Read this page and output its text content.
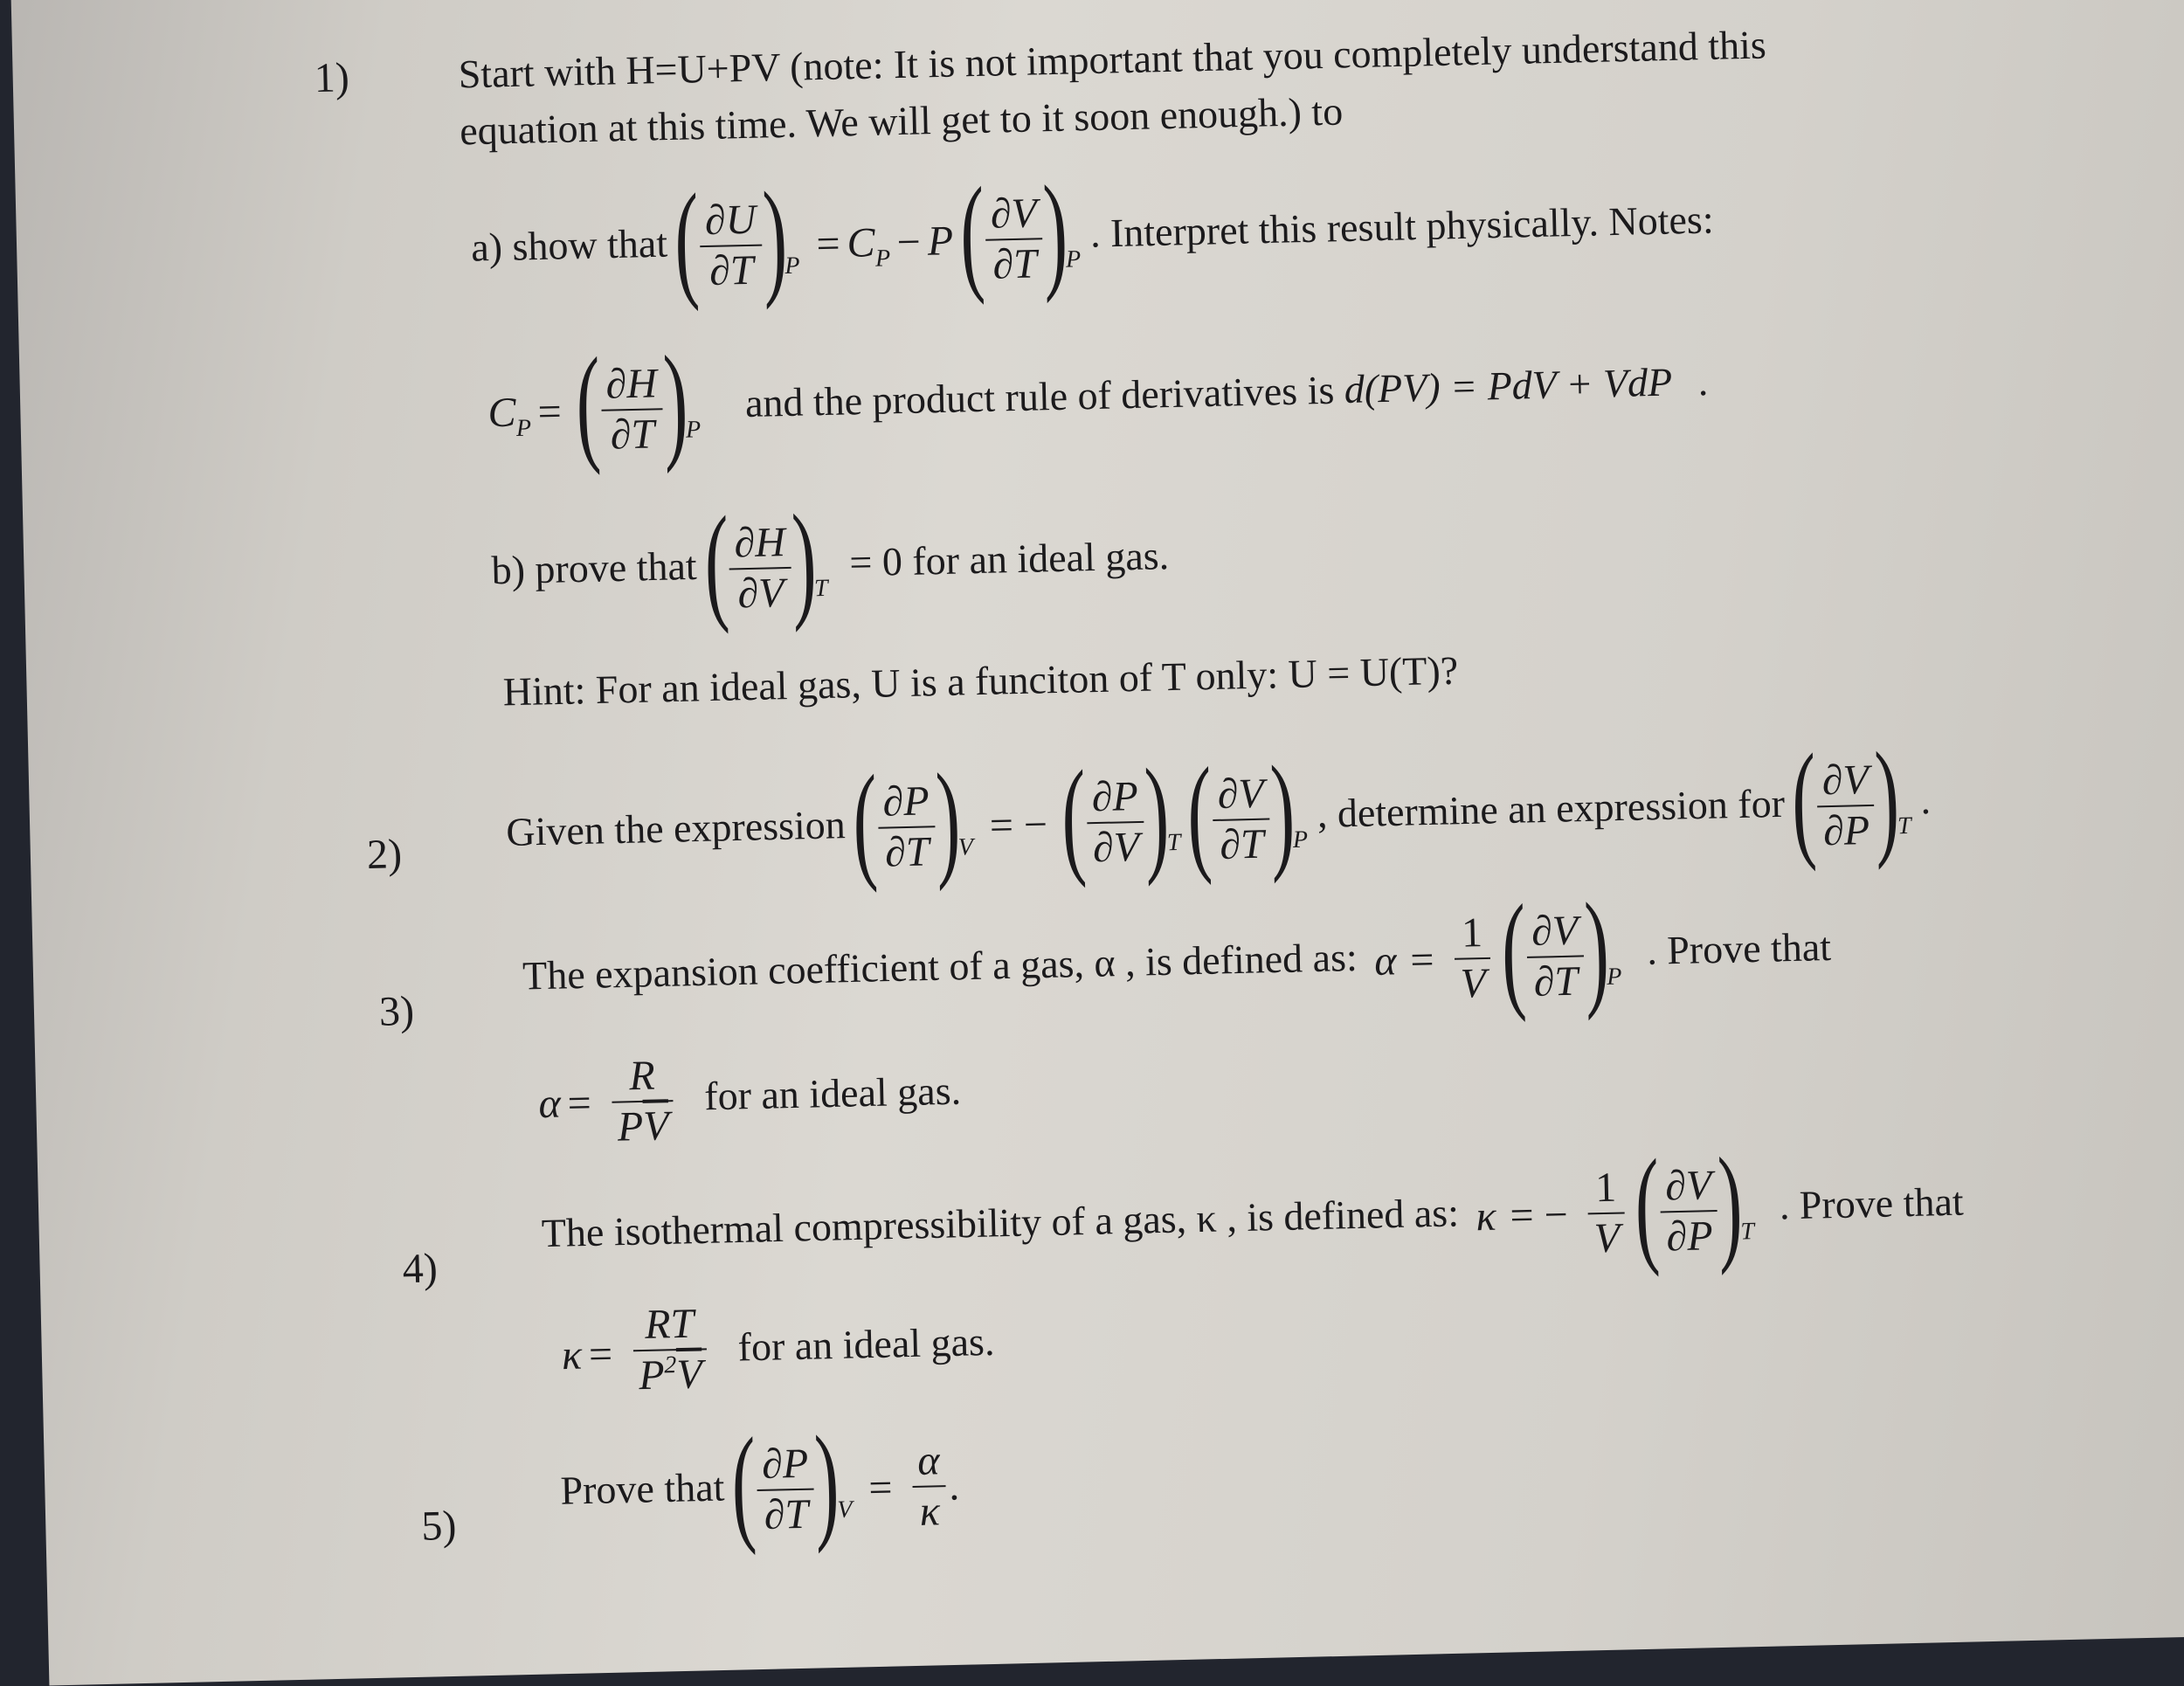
1)	Start with H=U+PV (note: It is not important that you completely understand this
equation at this time. We will get to it soon enough.) to
a) show that (
$\frac{\partial U}{\partial T}$
)$_P = C_P - P$ (
$\frac{\partial V}{\partial T}$
)$_P$ . Interpret this result physically. Notes:
$C_P$ = (
$\frac{\partial H}{\partial T}$
)$_P$ and the product rule of derivatives is d(PV) = PdV + VdP .
b) prove that (
$\frac{\partial H}{\partial V}$
)$_T = 0$ for an ideal gas.
Hint: For an ideal gas, U is a funciton of T only: U = U(T)?
2)
Given the expression (
$\frac{\partial P}{\partial T}$
)$_V$ = − (
$\frac{\partial P}{\partial V}$
)$_T$ (
$\frac{\partial V}{\partial T}$
)$_P$ , determine an expression for (
$\frac{\partial V}{\partial P}$
)$_T$ .
3)
The expansion coefficient of a gas, α , is defined as: $\alpha = \frac{1}{V}$ (
$\frac{\partial V}{\partial T}$
)$_P$ . Prove that
$\alpha = \frac{R}{P\overline{V}}$ for an ideal gas.
4)
The isothermal compressibility of a gas, κ , is defined as: κ = − $\frac{1}{V}$ (
$\frac{\partial V}{\partial P}$
)$_T$ . Prove that
$\kappa = \frac{RT}{P^2\overline{V}}$ for an ideal gas.
5)
Prove that (
$\frac{\partial P}{\partial T}$
)$_V = \frac{\alpha}{\kappa}$ .
